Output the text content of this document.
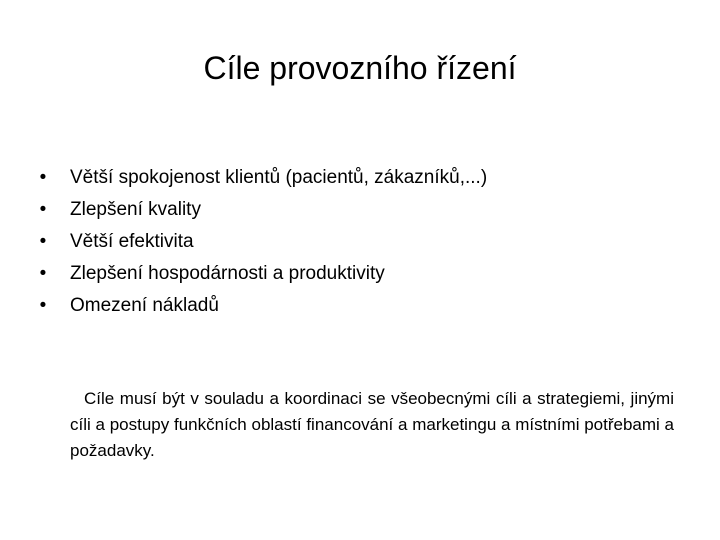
Cíle provozního řízení
• Větší spokojenost klientů (pacientů, zákazníků,...)
• Zlepšení kvality
• Větší efektivita
• Zlepšení hospodárnosti a produktivity
• Omezení nákladů

Cíle musí být v souladu a koordinaci se všeobecnými cíli a strategiemi, jinými cíli a postupy funkčních oblastí financování a marketingu a místními potřebami a požadavky.
